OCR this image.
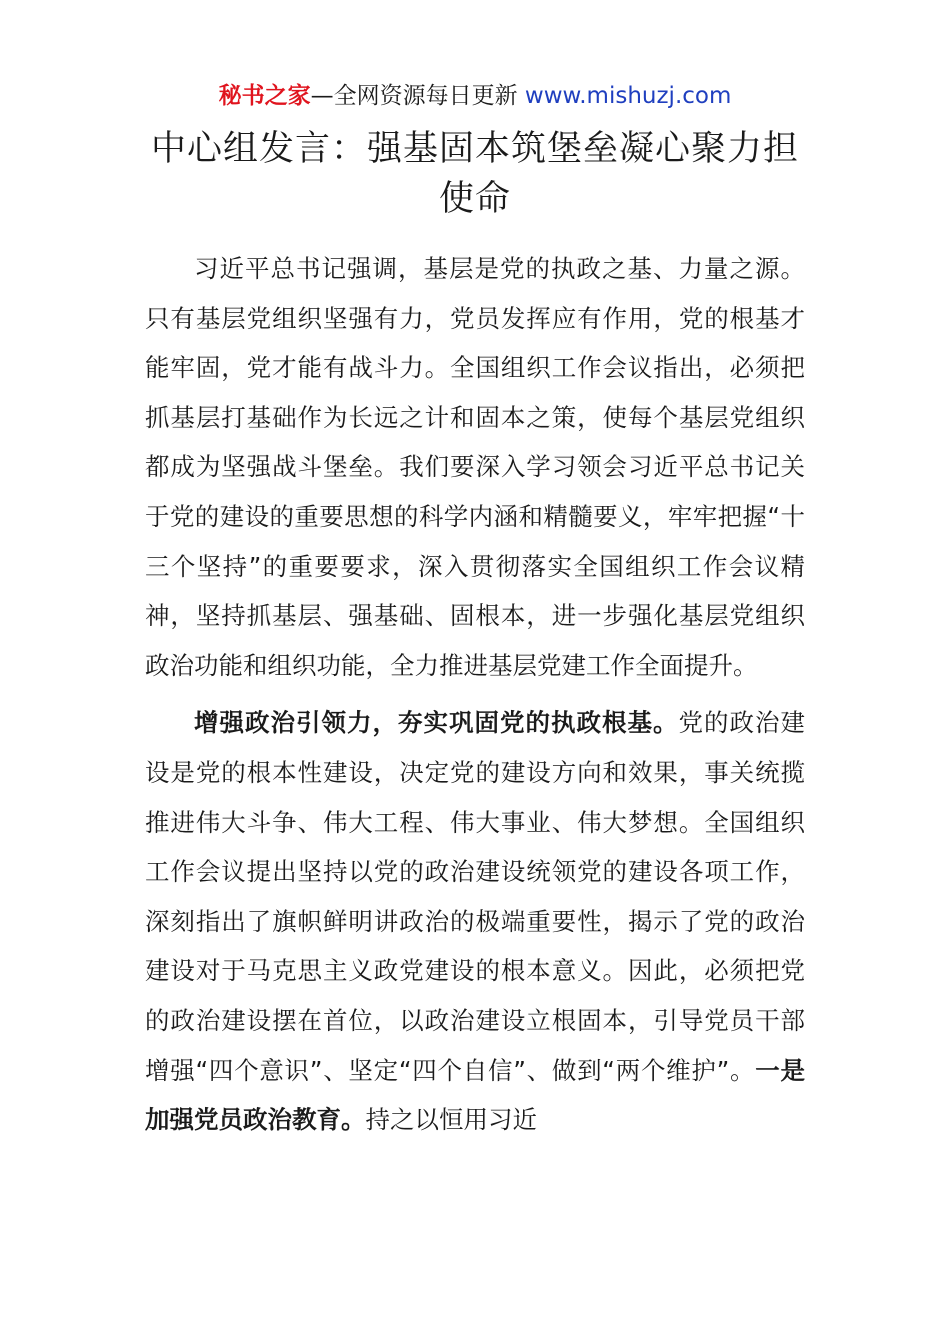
秘书之家—全网资源每日更新 www.mishuzj.com
中心组发言：强基固本筑堡垒凝心聚力担使命

习近平总书记强调，基层是党的执政之基、力量之源。只有基层党组织坚强有力，党员发挥应有作用，党的根基才能牢固，党才能有战斗力。全国组织工作会议指出，必须把抓基层打基础作为长远之计和固本之策，使每个基层党组织都成为坚强战斗堡垒。我们要深入学习领会习近平总书记关于党的建设的重要思想的科学内涵和精髓要义，牢牢把握“十三个坚持”的重要要求，深入贯彻落实全国组织工作会议精神，坚持抓基层、强基础、固根本，进一步强化基层党组织政治功能和组织功能，全力推进基层党建工作全面提升。

增强政治引领力，夯实巩固党的执政根基。党的政治建设是党的根本性建设，决定党的建设方向和效果，事关统揽推进伟大斗争、伟大工程、伟大事业、伟大梦想。全国组织工作会议提出坚持以党的政治建设统领党的建设各项工作，深刻指出了旗帜鲜明讲政治的极端重要性，揭示了党的政治建设对于马克思主义政党建设的根本意义。因此，必须把党的政治建设摆在首位，以政治建设立根固本，引导党员干部增强“四个意识”、坚定“四个自信”、做到“两个维护”。一是加强党员政治教育。持之以恒用习近
